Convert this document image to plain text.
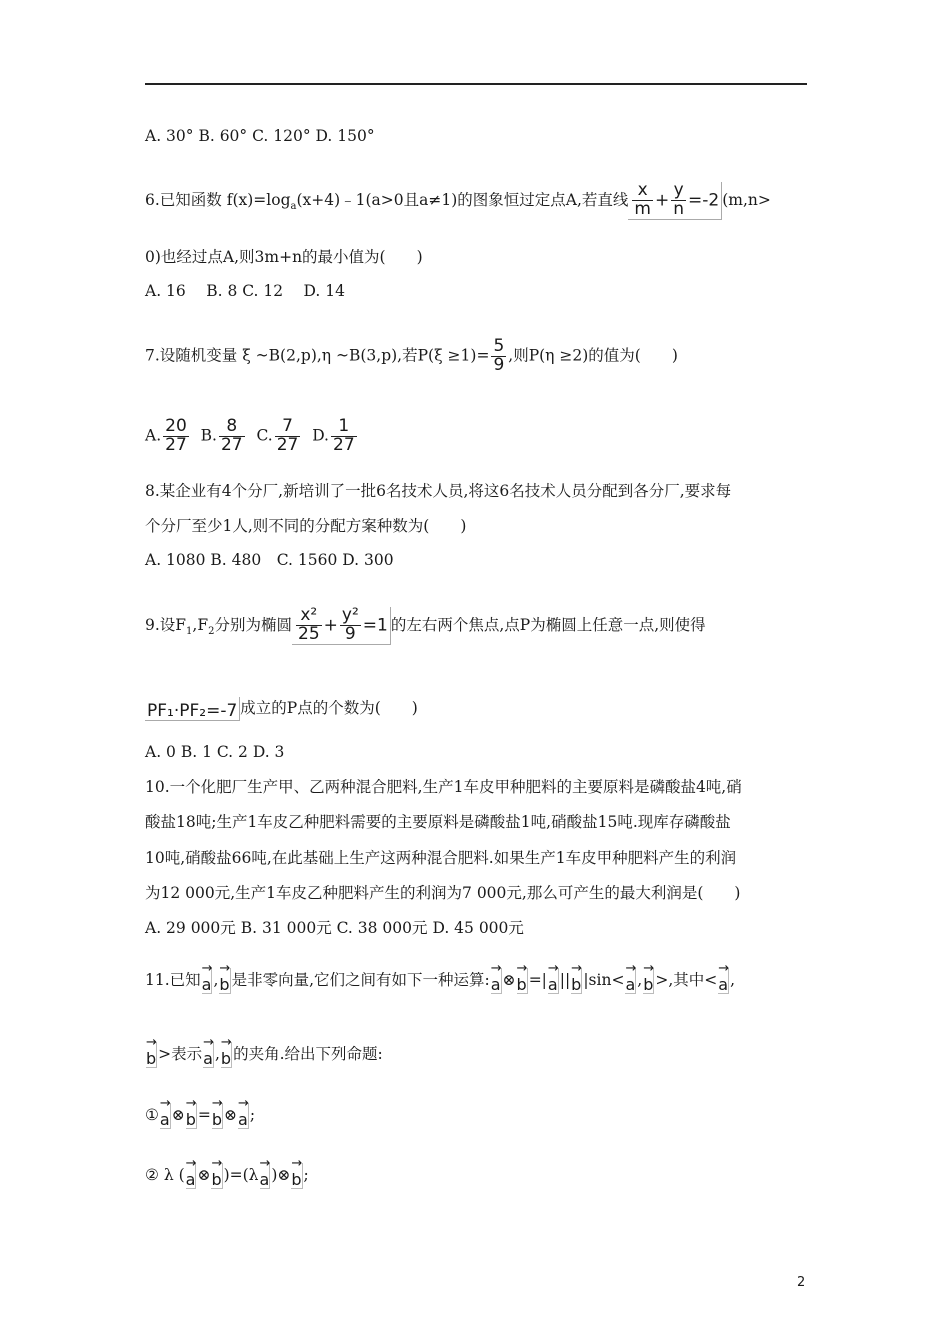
A. 30° B. 60° C. 120° D. 150°
6.已知函数 $f(x)=\log_a(x+4)﹣1(a>0$且a≠1)的图象恒过定点A,若直线 $\frac{x}{m} + \frac{y}{n} =-2$ (m,n>
0)也经过点A,则3m+n的最小值为(　　)
A. 16　 B. 8 C. 12　 D. 14
7.设随机变量 ξ ~B(2,p),η ~B(3,p),若$P(\xi \ge 1)= \frac{5}{9}$ ,则P(η ≥2)的值为(　　)
A. $\frac{20}{27} B$. $\frac{8}{27} C$. $\frac{7}{27} D$. $\frac{1}{27}$
8.某企业有4个分厂,新培训了一批6名技术人员,将这6名技术人员分配到各分厂,要求每
个分厂至少1人,则不同的分配方案种数为(　　)
A. 1080 B. 480　C. 1560 D. 300
9.设$F_1,F_2$分别为椭圆 $\frac{\text{x²}}{25} + \frac{\text{y²}}{9} =1$ 的左右两个焦点,点P为椭圆上任意一点,则使得
PF₁·PF₂=-7 成立的P点的个数为(　　)
A. 0 B. 1 C. 2 D. 3
10.一个化肥厂生产甲、乙两种混合肥料,生产1车皮甲种肥料的主要原料是磷酸盐4吨,硝
酸盐18吨;生产1车皮乙种肥料需要的主要原料是磷酸盐1吨,硝酸盐15吨.现库存磷酸盐
10吨,硝酸盐66吨,在此基础上生产这两种混合肥料.如果生产1车皮甲种肥料产生的利润
为12 000元,生产1车皮乙种肥料产生的利润为7 000元,那么可产生的最大利润是(　　)
A. 29 000元 B. 31 000元 C. 38 000元 D. 45 000元
11.已知→ a ,→ b 是非零向量,它们之间有如下一种运算:→ a ⊗→ b =|→ a ||→ b |sin<→ a ,→ b >,其中<→ a ,
→ b >表示→ a ,→ b 的夹角.给出下列命题:
①→ a ⊗→ b =→ b ⊗→ a ;
② λ (→ a ⊗→ b )=(λ→ a )⊗→ b ;
2
